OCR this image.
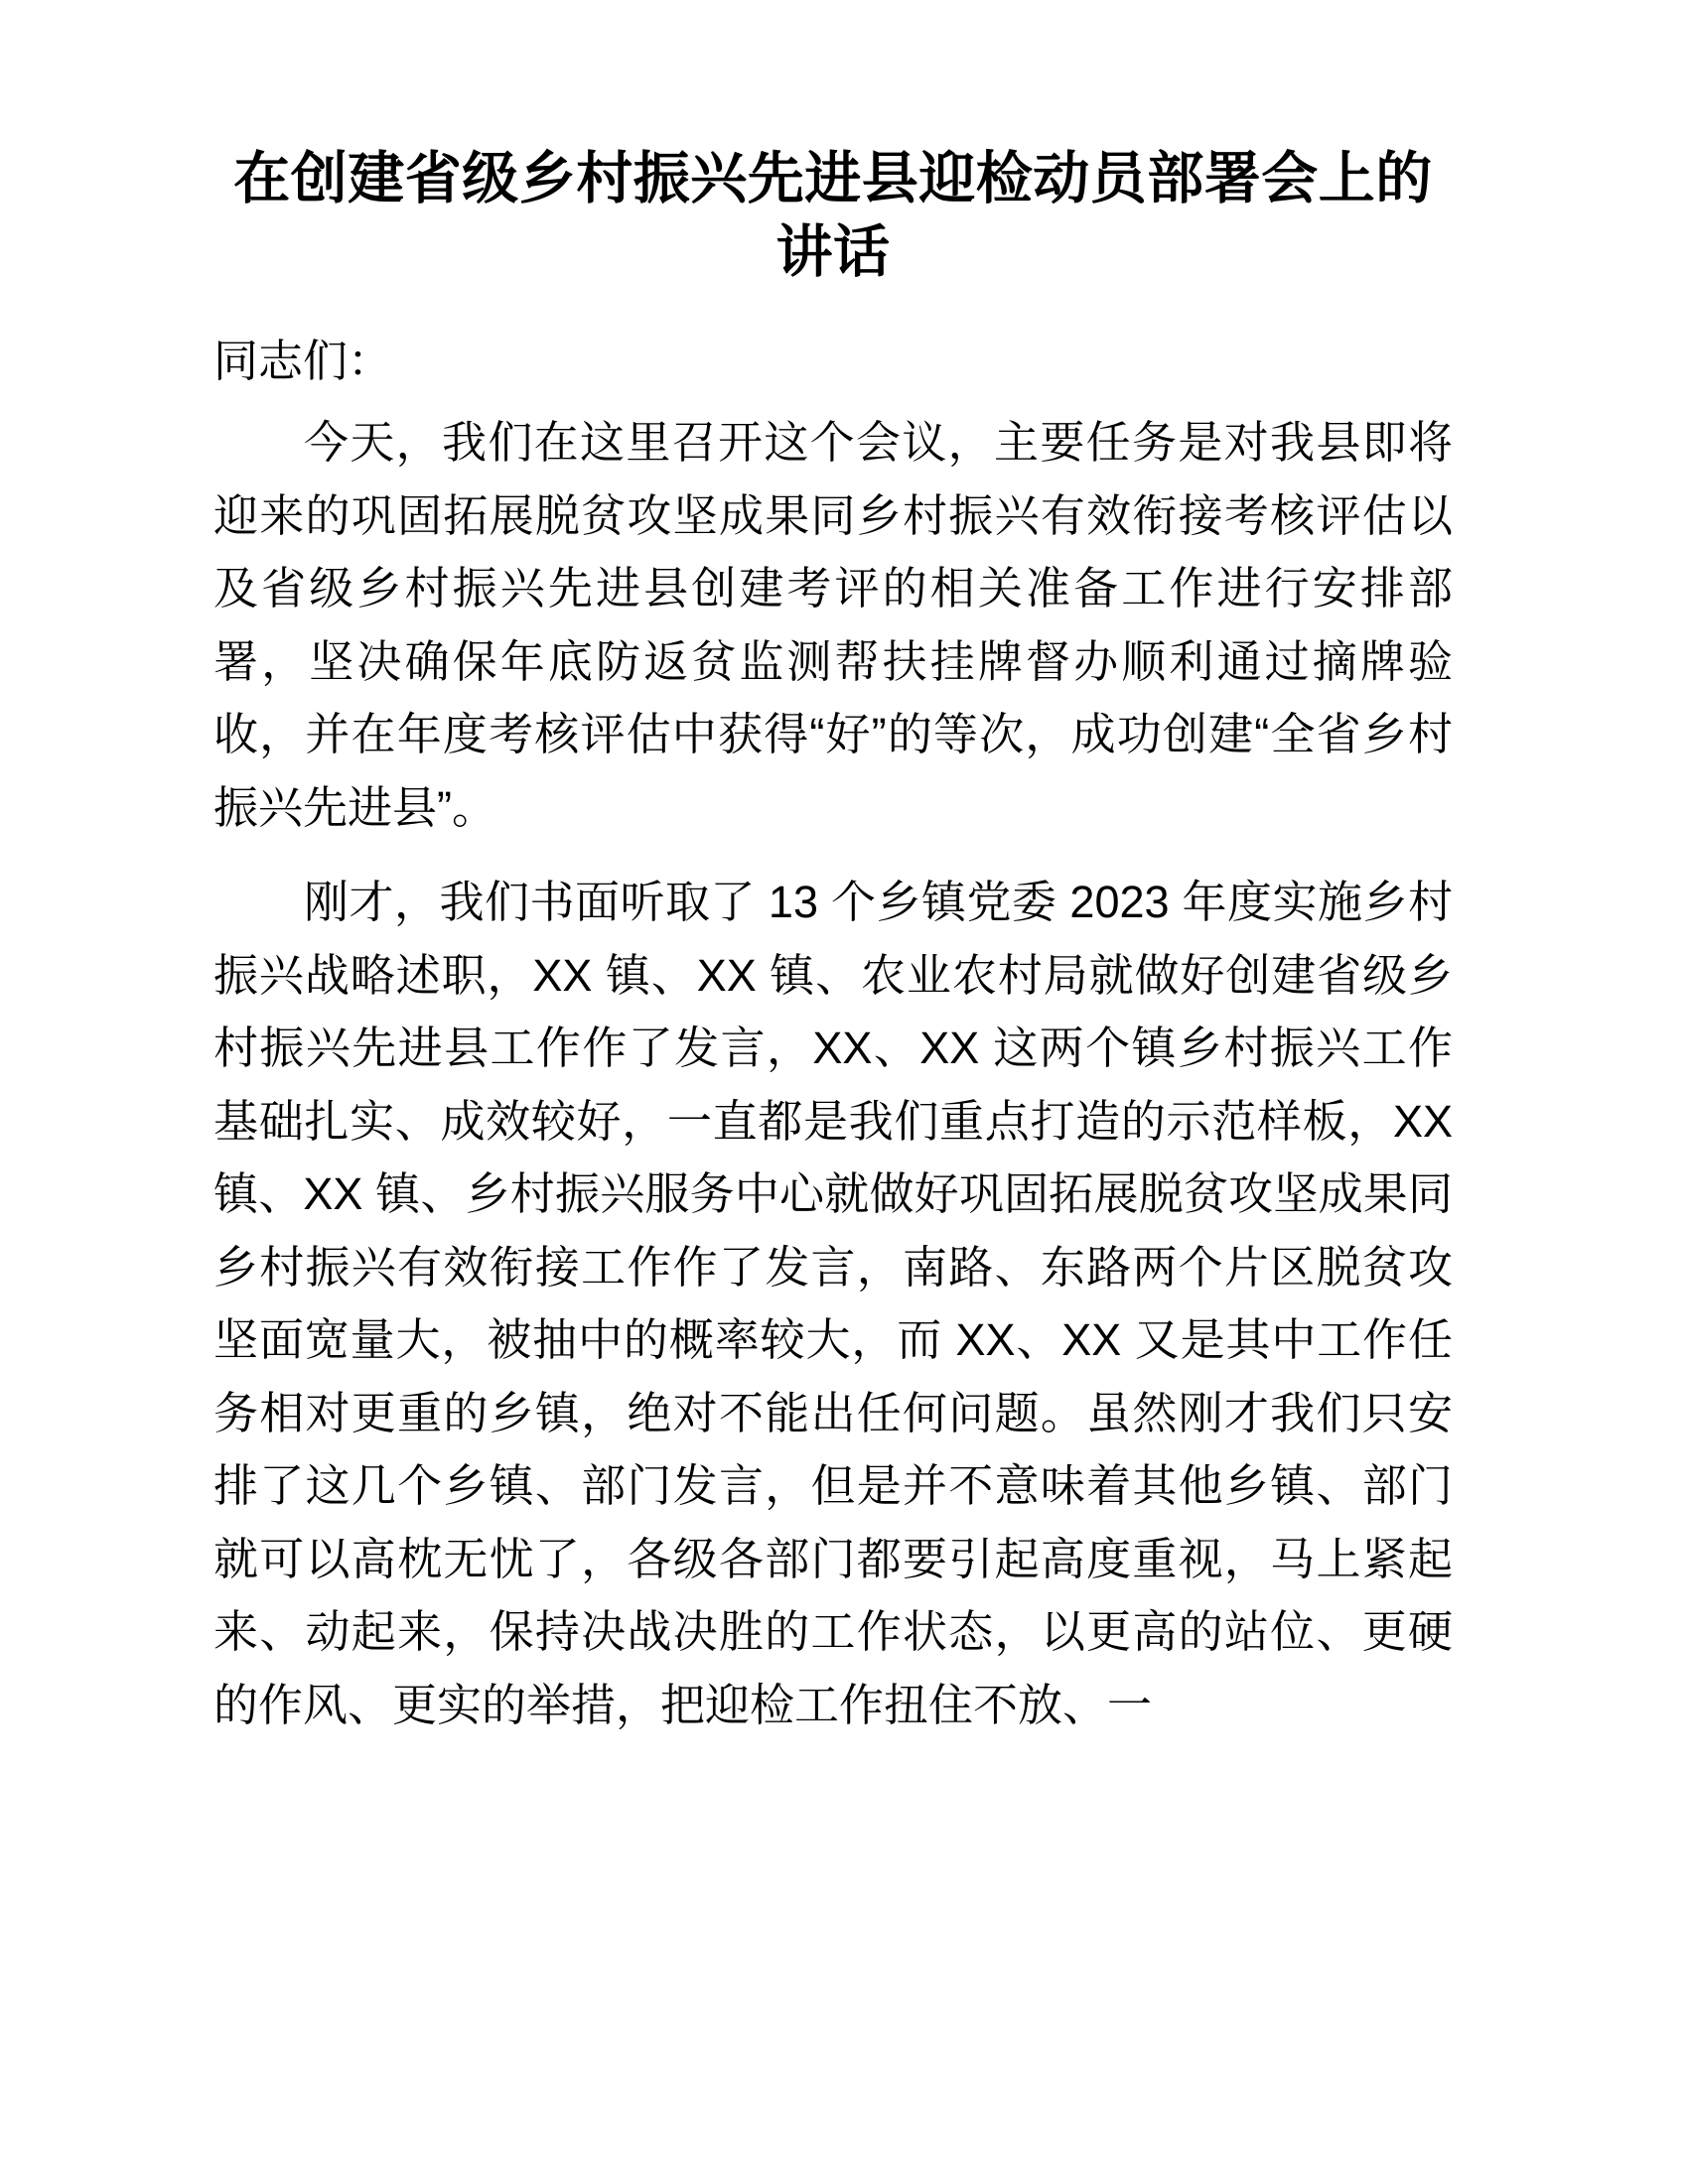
在创建省级乡村振兴先进县迎检动员部署会上的讲话

同志们：

今天，我们在这里召开这个会议，主要任务是对我县即将迎来的巩固拓展脱贫攻坚成果同乡村振兴有效衔接考核评估以及省级乡村振兴先进县创建考评的相关准备工作进行安排部署，坚决确保年底防返贫监测帮扶挂牌督办顺利通过摘牌验收，并在年度考核评估中获得“好”的等次，成功创建“全省乡村振兴先进县”。

刚才，我们书面听取了 13 个乡镇党委 2023 年度实施乡村振兴战略述职，XX 镇、XX 镇、农业农村局就做好创建省级乡村振兴先进县工作作了发言，XX、XX 这两个镇乡村振兴工作基础扎实、成效较好，一直都是我们重点打造的示范样板，XX 镇、XX 镇、乡村振兴服务中心就做好巩固拓展脱贫攻坚成果同乡村振兴有效衔接工作作了发言，南路、东路两个片区脱贫攻坚面宽量大，被抽中的概率较大，而 XX、XX 又是其中工作任务相对更重的乡镇，绝对不能出任何问题。虽然刚才我们只安排了这几个乡镇、部门发言，但是并不意味着其他乡镇、部门就可以高枕无忧了，各级各部门都要引起高度重视，马上紧起来、动起来，保持决战决胜的工作状态，以更高的站位、更硬的作风、更实的举措，把迎检工作扭住不放、一
